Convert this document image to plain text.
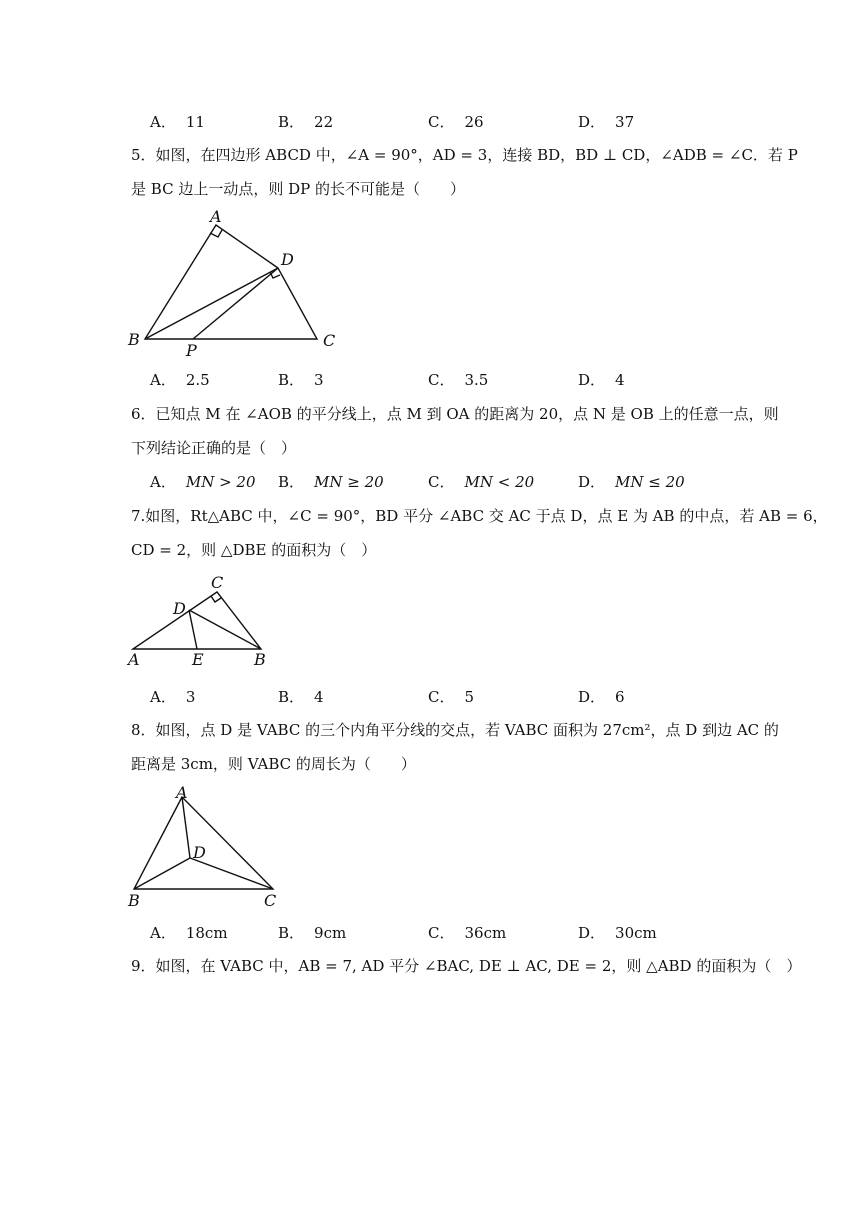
A． 11	B． 22	C． 26	D． 37
5．如图，在四边形 ABCD 中，∠A = 90°，AD = 3，连接 BD，BD ⊥ CD，∠ADB = ∠C．若 P
是 BC 边上一动点，则 DP 的长不可能是（　　）
A
D
B	C
P
A． 2.5	B． 3	C． 3.5	D． 4
6．已知点 M 在 ∠AOB 的平分线上，点 M 到 OA 的距离为 20，点 N 是 OB 上的任意一点，则
下列结论正确的是（　）
A． MN > 20 B． MN ≥ 20	C． MN < 20	D． MN ≤ 20
7.如图，Rt△ABC 中，∠C = 90°，BD 平分 ∠ABC 交 AC 于点 D，点 E 为 AB 的中点，若 AB = 6，
CD = 2，则 △DBE 的面积为（　）
C
D
A	E	B
A． 3	B． 4	C． 5	D． 6
8．如图，点 D 是 VABC 的三个内角平分线的交点，若 VABC 面积为 27cm²，点 D 到边 AC 的
距离是 3cm，则 VABC 的周长为（　　）
A
D
B	C
A． 18cm	B． 9cm	C． 36cm	D． 30cm
9．如图，在 VABC 中，AB = 7, AD 平分 ∠BAC, DE ⊥ AC, DE = 2，则 △ABD 的面积为（　）
